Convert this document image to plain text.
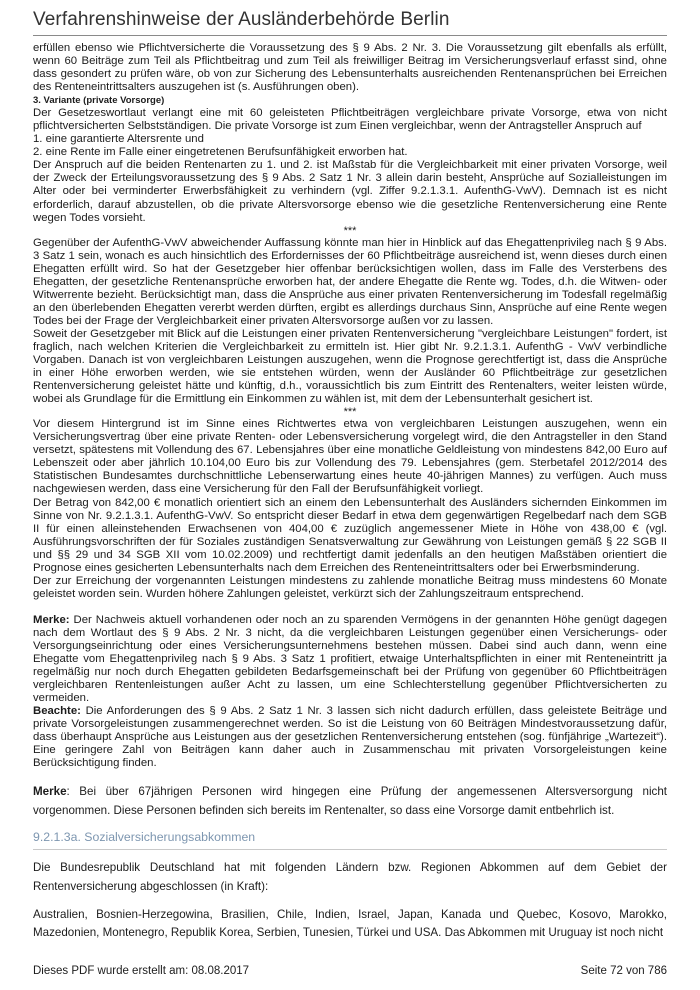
Verfahrenshinweise der Ausländerbehörde Berlin

erfüllen ebenso wie Pflichtversicherte die Voraussetzung des § 9 Abs. 2 Nr. 3. Die Voraussetzung gilt ebenfalls als erfüllt, wenn 60 Beiträge zum Teil als Pflichtbeitrag und zum Teil als freiwilliger Beitrag im Versicherungsverlauf erfasst sind, ohne dass gesondert zu prüfen wäre, ob von zur Sicherung des Lebensunterhalts ausreichenden Rentenansprüchen bei Erreichen des Renteneintrittsalters auszugehen ist (s. Ausführungen oben).

3. Variante (private Vorsorge)

Der Gesetzeswortlaut verlangt eine mit 60 geleisteten Pflichtbeiträgen vergleichbare private Vorsorge, etwa von nicht pflichtversicherten Selbstständigen. Die private Vorsorge ist zum Einen vergleichbar, wenn der Antragsteller Anspruch auf

1. eine garantierte Altersrente und

2. eine Rente im Falle einer eingetretenen Berufsunfähigkeit erworben hat.

Der Anspruch auf die beiden Rentenarten zu 1. und 2. ist Maßstab für die Vergleichbarkeit mit einer privaten Vorsorge, weil der Zweck der Erteilungsvoraussetzung des § 9 Abs. 2 Satz 1 Nr. 3 allein darin besteht, Ansprüche auf Sozialleistungen im Alter oder bei verminderter Erwerbsfähigkeit zu verhindern (vgl. Ziffer 9.2.1.3.1. AufenthG-VwV). Demnach ist es nicht erforderlich, darauf abzustellen, ob die private Altersvorsorge ebenso wie die gesetzliche Rentenversicherung eine Rente wegen Todes vorsieht.

***

Gegenüber der AufenthG-VwV abweichender Auffassung könnte man hier in Hinblick auf das Ehegattenprivileg nach § 9 Abs. 3 Satz 1 sein, wonach es auch hinsichtlich des Erfordernisses der 60 Pflichtbeiträge ausreichend ist, wenn dieses durch einen Ehegatten erfüllt wird. So hat der Gesetzgeber hier offenbar berücksichtigen wollen, dass im Falle des Versterbens des Ehegatten, der gesetzliche Rentenansprüche erworben hat, der andere Ehegatte die Rente wg. Todes, d.h. die Witwen- oder Witwerrente bezieht. Berücksichtigt man, dass die Ansprüche aus einer privaten Rentenversicherung im Todesfall regelmäßig an den überlebenden Ehegatten vererbt werden dürften, ergibt es allerdings durchaus Sinn, Ansprüche auf eine Rente wegen Todes bei der Frage der Vergleichbarkeit einer privaten Altersvorsorge außen vor zu lassen.

Soweit der Gesetzgeber mit Blick auf die Leistungen einer privaten Rentenversicherung "vergleichbare Leistungen" fordert, ist fraglich, nach welchen Kriterien die Vergleichbarkeit zu ermitteln ist. Hier gibt Nr. 9.2.1.3.1. AufenthG - VwV verbindliche Vorgaben. Danach ist von vergleichbaren Leistungen auszugehen, wenn die Prognose gerechtfertigt ist, dass die Ansprüche in einer Höhe erworben werden, wie sie entstehen würden, wenn der Ausländer 60 Pflichtbeiträge zur gesetzlichen Rentenversicherung geleistet hätte und künftig, d.h., voraussichtlich bis zum Eintritt des Rentenalters, weiter leisten würde, wobei als Grundlage für die Ermittlung ein Einkommen zu wählen ist, mit dem der Lebensunterhalt gesichert ist.

***

Vor diesem Hintergrund ist im Sinne eines Richtwertes etwa von vergleichbaren Leistungen auszugehen, wenn ein Versicherungsvertrag über eine private Renten- oder Lebensversicherung vorgelegt wird, die den Antragsteller in den Stand versetzt, spätestens mit Vollendung des 67. Lebensjahres über eine monatliche Geldleistung von mindestens 842,00 Euro auf Lebenszeit oder aber jährlich 10.104,00 Euro bis zur Vollendung des 79. Lebensjahres (gem. Sterbetafel 2012/2014 des Statistischen Bundesamtes durchschnittliche Lebenserwartung eines heute 40-jährigen Mannes) zu verfügen. Auch muss nachgewiesen werden, dass eine Versicherung für den Fall der Berufsunfähigkeit vorliegt.

Der Betrag von 842,00 € monatlich orientiert sich an einem den Lebensunterhalt des Ausländers sichernden Einkommen im Sinne von Nr. 9.2.1.3.1. AufenthG-VwV. So entspricht dieser Bedarf in etwa dem gegenwärtigen Regelbedarf nach dem SGB II für einen alleinstehenden Erwachsenen von 404,00 € zuzüglich angemessener Miete in Höhe von 438,00 € (vgl. Ausführungsvorschriften der für Soziales zuständigen Senatsverwaltung zur Gewährung von Leistungen gemäß § 22 SGB II und §§ 29 und 34 SGB XII vom 10.02.2009) und rechtfertigt damit jedenfalls an den heutigen Maßstäben orientiert die Prognose eines gesicherten Lebensunterhalts nach dem Erreichen des Renteneintrittsalters oder bei Erwerbsminderung.

Der zur Erreichung der vorgenannten Leistungen mindestens zu zahlende monatliche Beitrag muss mindestens 60 Monate geleistet worden sein. Wurden höhere Zahlungen geleistet, verkürzt sich der Zahlungszeitraum entsprechend.

Merke: Der Nachweis aktuell vorhandenen oder noch an zu sparenden Vermögens in der genannten Höhe genügt dagegen nach dem Wortlaut des § 9 Abs. 2 Nr. 3 nicht, da die vergleichbaren Leistungen gegenüber einen Versicherungs- oder Versorgungseinrichtung oder eines Versicherungsunternehmens bestehen müssen. Dabei sind auch dann, wenn eine Ehegatte vom Ehegattenprivileg nach § 9 Abs. 3 Satz 1 profitiert, etwaige Unterhaltspflichten in einer mit Renteneintritt ja regelmäßig nur noch durch Ehegatten gebildeten Bedarfsgemeinschaft bei der Prüfung von gegenüber 60 Pflichtbeiträgen vergleichbaren Rentenleistungen außer Acht zu lassen, um eine Schlechterstellung gegenüber Pflichtversicherten zu vermeiden.

Beachte: Die Anforderungen des § 9 Abs. 2 Satz 1 Nr. 3 lassen sich nicht dadurch erfüllen, dass geleistete Beiträge und private Vorsorgeleistungen zusammengerechnet werden. So ist die Leistung von 60 Beiträgen Mindestvoraussetzung dafür, dass überhaupt Ansprüche aus Leistungen aus der gesetzlichen Rentenversicherung entstehen (sog. fünfjährige „Wartezeit“). Eine geringere Zahl von Beiträgen kann daher auch in Zusammenschau mit privaten Vorsorgeleistungen keine Berücksichtigung finden.

Merke: Bei über 67jährigen Personen wird hingegen eine Prüfung der angemessenen Altersversorgung nicht vorgenommen. Diese Personen befinden sich bereits im Rentenalter, so dass eine Vorsorge damit entbehrlich ist.

9.2.1.3a. Sozialversicherungsabkommen

Die Bundesrepublik Deutschland hat mit folgenden Ländern bzw. Regionen Abkommen auf dem Gebiet der Rentenversicherung abgeschlossen (in Kraft):

Australien, Bosnien-Herzegowina, Brasilien, Chile, Indien, Israel, Japan, Kanada und Quebec, Kosovo, Marokko, Mazedonien, Montenegro, Republik Korea, Serbien, Tunesien, Türkei und USA. Das Abkommen mit Uruguay ist noch nicht

Dieses PDF wurde erstellt am: 08.08.2017	Seite 72 von 786
